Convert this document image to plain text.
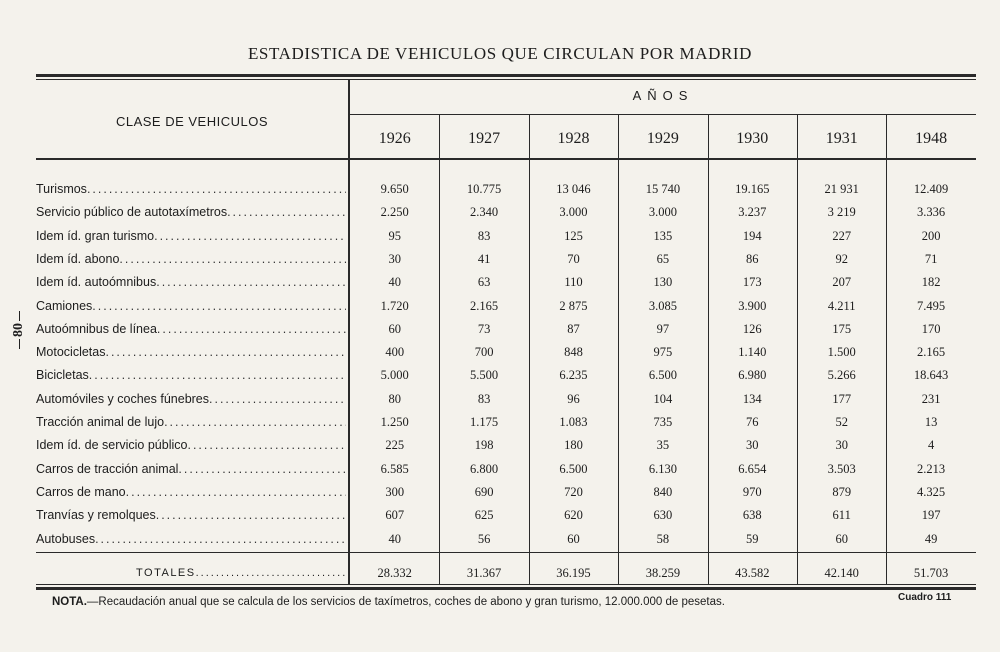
ESTADISTICA DE VEHICULOS QUE CIRCULAN POR MADRID
80
CLASE DE VEHICULOS
AÑOS
1926	1927	1928	1929	1930	1931	1948
Turismos .....	9.650	10.775	13 046	15 740	19.165	21 931	12.409
Servicio público de autotaxímetros .....	2.250	2.340	3.000	3.000	3.237	3 219	3.336
Idem íd. gran turismo .....	95	83	125	135	194	227	200
Idem íd. abono .....	30	41	70	65	86	92	71
Idem íd. autoómnibus .....	40	63	110	130	173	207	182
Camiones .....	1.720	2.165	2 875	3.085	3.900	4.211	7.495
Autoómnibus de línea .....	60	73	87	97	126	175	170
Motocicletas .....	400	700	848	975	1.140	1.500	2.165
Bicicletas .....	5.000	5.500	6.235	6.500	6.980	5.266	18.643
Automóviles y coches fúnebres .....	80	83	96	104	134	177	231
Tracción animal de lujo .....	1.250	1.175	1.083	735	76	52	13
Idem íd. de servicio público .....	225	198	180	35	30	30	4
Carros de tracción animal .....	6.585	6.800	6.500	6.130	6.654	3.503	2.213
Carros de mano .....	300	690	720	840	970	879	4.325
Tranvías y remolques .....	607	625	620	630	638	611	197
Autobuses .....	40	56	60	58	59	60	49
TOTALES .....	28.332	31.367	36.195	38.259	43.582	42.140	51.703
NOTA.—Recaudación anual que se calcula de los servicios de taxímetros, coches de abono y gran turismo, 12.000.000 de pesetas.	Cuadro 111
